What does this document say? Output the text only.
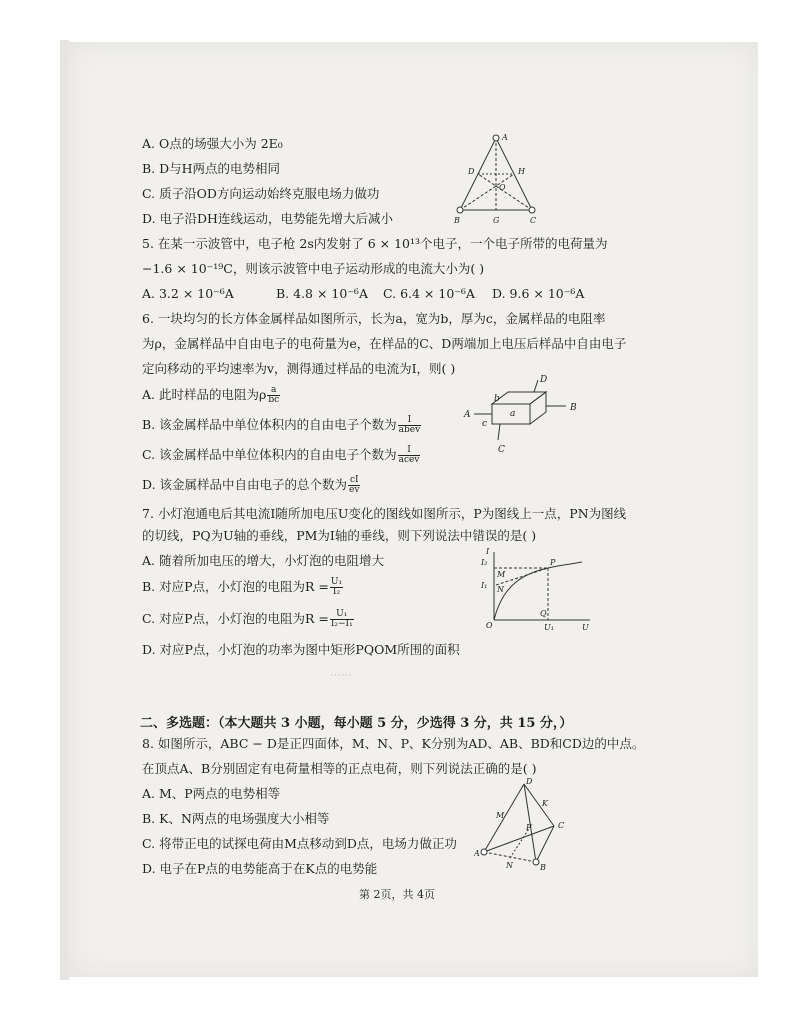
A. O点的场强大小为 2E₀
B. D与H两点的电势相同
C. 质子沿OD方向运动始终克服电场力做功
D. 电子沿DH连线运动，电势能先增大后减小
A
D	H
O
B	G	C
5. 在某一示波管中，电子枪 2s内发射了 6 × 10¹³个电子，一个电子所带的电荷量为
−1.6 × 10⁻¹⁹C，则该示波管中电子运动形成的电流大小为( )
A. 3.2 × 10⁻⁶A	B. 4.8 × 10⁻⁶A C. 6.4 × 10⁻⁶A D. 9.6 × 10⁻⁶A
6. 一块均匀的长方体金属样品如图所示，长为a，宽为b，厚为c，金属样品的电阻率
为ρ，金属样品中自由电子的电荷量为e，在样品的C、D两端加上电压后样品中自由电子
定向移动的平均速率为v，测得通过样品的电流为I，则( )
A. 此时样品的电阻为ρ $\frac{a}{bc}$
B. 该金属样品中单位体积内的自由电子个数为 $\frac{I}{\text{abev}}$
C. 该金属样品中单位体积内的自由电子个数为 $\frac{I}{\text{acev}}$
D. 该金属样品中自由电子的总个数为 $\frac{cI}{ev}$
A
B
D
C
a
b
c
7. 小灯泡通电后其电流I随所加电压U变化的图线如图所示，P为图线上一点，PN为图线
的切线，PQ为U轴的垂线，PM为I轴的垂线，则下列说法中错误的是( )
A. 随着所加电压的增大，小灯泡的电阻增大
B. 对应P点，小灯泡的电阻为$R = \frac{\text{U₁}}{\text{I₂}}$
C. 对应P点，小灯泡的电阻为$R = \frac{\text{U₁}}{\text{I₂−I₁}}$
D. 对应P点，小灯泡的功率为图中矩形PQOM所围的面积
I
I₂
I₁
M
N
P
Q
O	U₁	U
⋯⋯
二、多选题：（本大题共 3 小题，每小题 5 分，少选得 3 分，共 15 分，）
8. 如图所示，ABC − D是正四面体，M、N、P、K分别为AD、AB、BD和CD边的中点。
在顶点A、B分别固定有电荷量相等的正点电荷，则下列说法正确的是( )
A. M、P两点的电势相等
B. K、N两点的电场强度大小相等
C. 将带正电的试探电荷由M点移动到D点，电场力做正功
D. 电子在P点的电势能高于在K点的电势能
D
K
M
P	C
A
N	B
第 2页，共 4页
